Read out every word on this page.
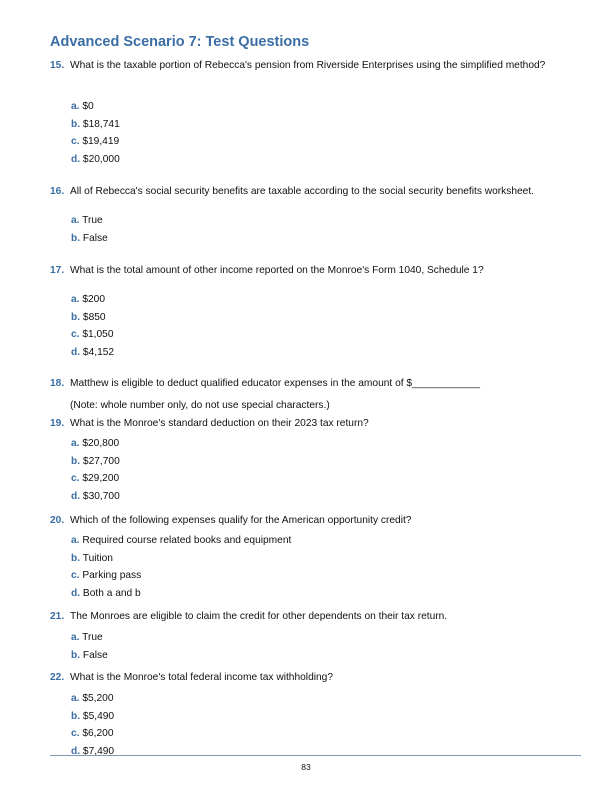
Advanced Scenario 7: Test Questions
15. What is the taxable portion of Rebecca's pension from Riverside Enterprises using the simplified method?
a. $0
b. $18,741
c. $19,419
d. $20,000
16. All of Rebecca's social security benefits are taxable according to the social security benefits worksheet.
a. True
b. False
17. What is the total amount of other income reported on the Monroe's Form 1040, Schedule 1?
a. $200
b. $850
c. $1,050
d. $4,152
18. Matthew is eligible to deduct qualified educator expenses in the amount of $____________
(Note: whole number only, do not use special characters.)
19. What is the Monroe's standard deduction on their 2023 tax return?
a. $20,800
b. $27,700
c. $29,200
d. $30,700
20. Which of the following expenses qualify for the American opportunity credit?
a. Required course related books and equipment
b. Tuition
c. Parking pass
d. Both a and b
21. The Monroes are eligible to claim the credit for other dependents on their tax return.
a. True
b. False
22. What is the Monroe's total federal income tax withholding?
a. $5,200
b. $5,490
c. $6,200
d. $7,490
83
